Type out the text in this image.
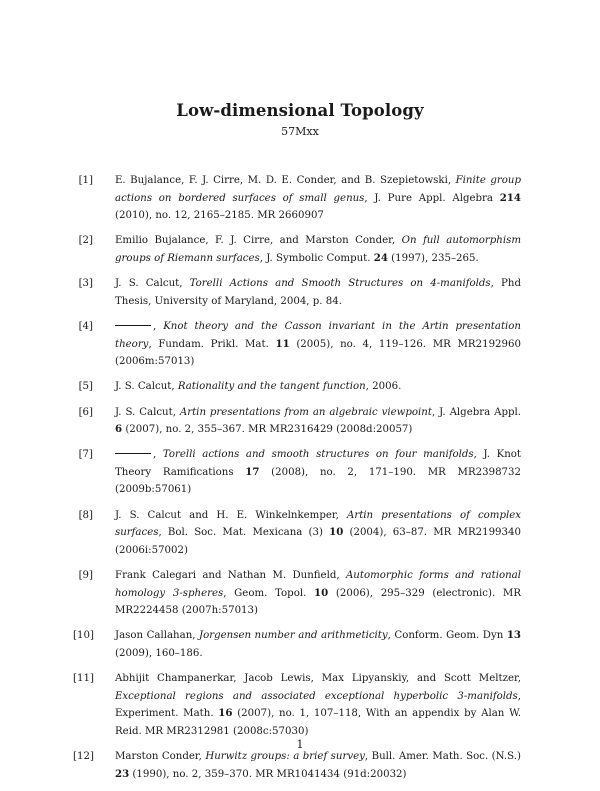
Low-dimensional Topology
57Mxx
[1]	E. Bujalance, F. J. Cirre, M. D. E. Conder, and B. Szepietowski, Finite group actions on bordered surfaces of small genus, J. Pure Appl. Algebra 214 (2010), no. 12, 2165–2185. MR 2660907
[2]	Emilio Bujalance, F. J. Cirre, and Marston Conder, On full automorphism groups of Riemann surfaces, J. Symbolic Comput. 24 (1997), 235–265.
[3]	J. S. Calcut, Torelli Actions and Smooth Structures on 4-manifolds, Phd Thesis, University of Maryland, 2004, p. 84.
[4]	, Knot theory and the Casson invariant in the Artin presentation theory, Fundam. Prikl. Mat. 11 (2005), no. 4, 119–126. MR MR2192960 (2006m:57013)
[5]	J. S. Calcut, Rationality and the tangent function, 2006.
[6]	J. S. Calcut, Artin presentations from an algebraic viewpoint, J. Algebra Appl. 6 (2007), no. 2, 355–367. MR MR2316429 (2008d:20057)
[7]	, Torelli actions and smooth structures on four manifolds, J. Knot Theory Ramifications 17 (2008), no. 2, 171–190. MR MR2398732 (2009b:57061)
[8]	J. S. Calcut and H. E. Winkelnkemper, Artin presentations of complex surfaces, Bol. Soc. Mat. Mexicana (3) 10 (2004), 63–87. MR MR2199340 (2006i:57002)
[9]	Frank Calegari and Nathan M. Dunfield, Automorphic forms and rational homology 3-spheres, Geom. Topol. 10 (2006), 295–329 (electronic). MR MR2224458 (2007h:57013)
[10]	Jason Callahan, Jorgensen number and arithmeticity, Conform. Geom. Dyn 13 (2009), 160–186.
[11]	Abhijit Champanerkar, Jacob Lewis, Max Lipyanskiy, and Scott Meltzer, Exceptional regions and associated exceptional hyperbolic 3-manifolds, Experiment. Math. 16 (2007), no. 1, 107–118, With an appendix by Alan W. Reid. MR MR2312981 (2008c:57030)
[12]	Marston Conder, Hurwitz groups: a brief survey, Bull. Amer. Math. Soc. (N.S.) 23 (1990), no. 2, 359–370. MR MR1041434 (91d:20032)
1
